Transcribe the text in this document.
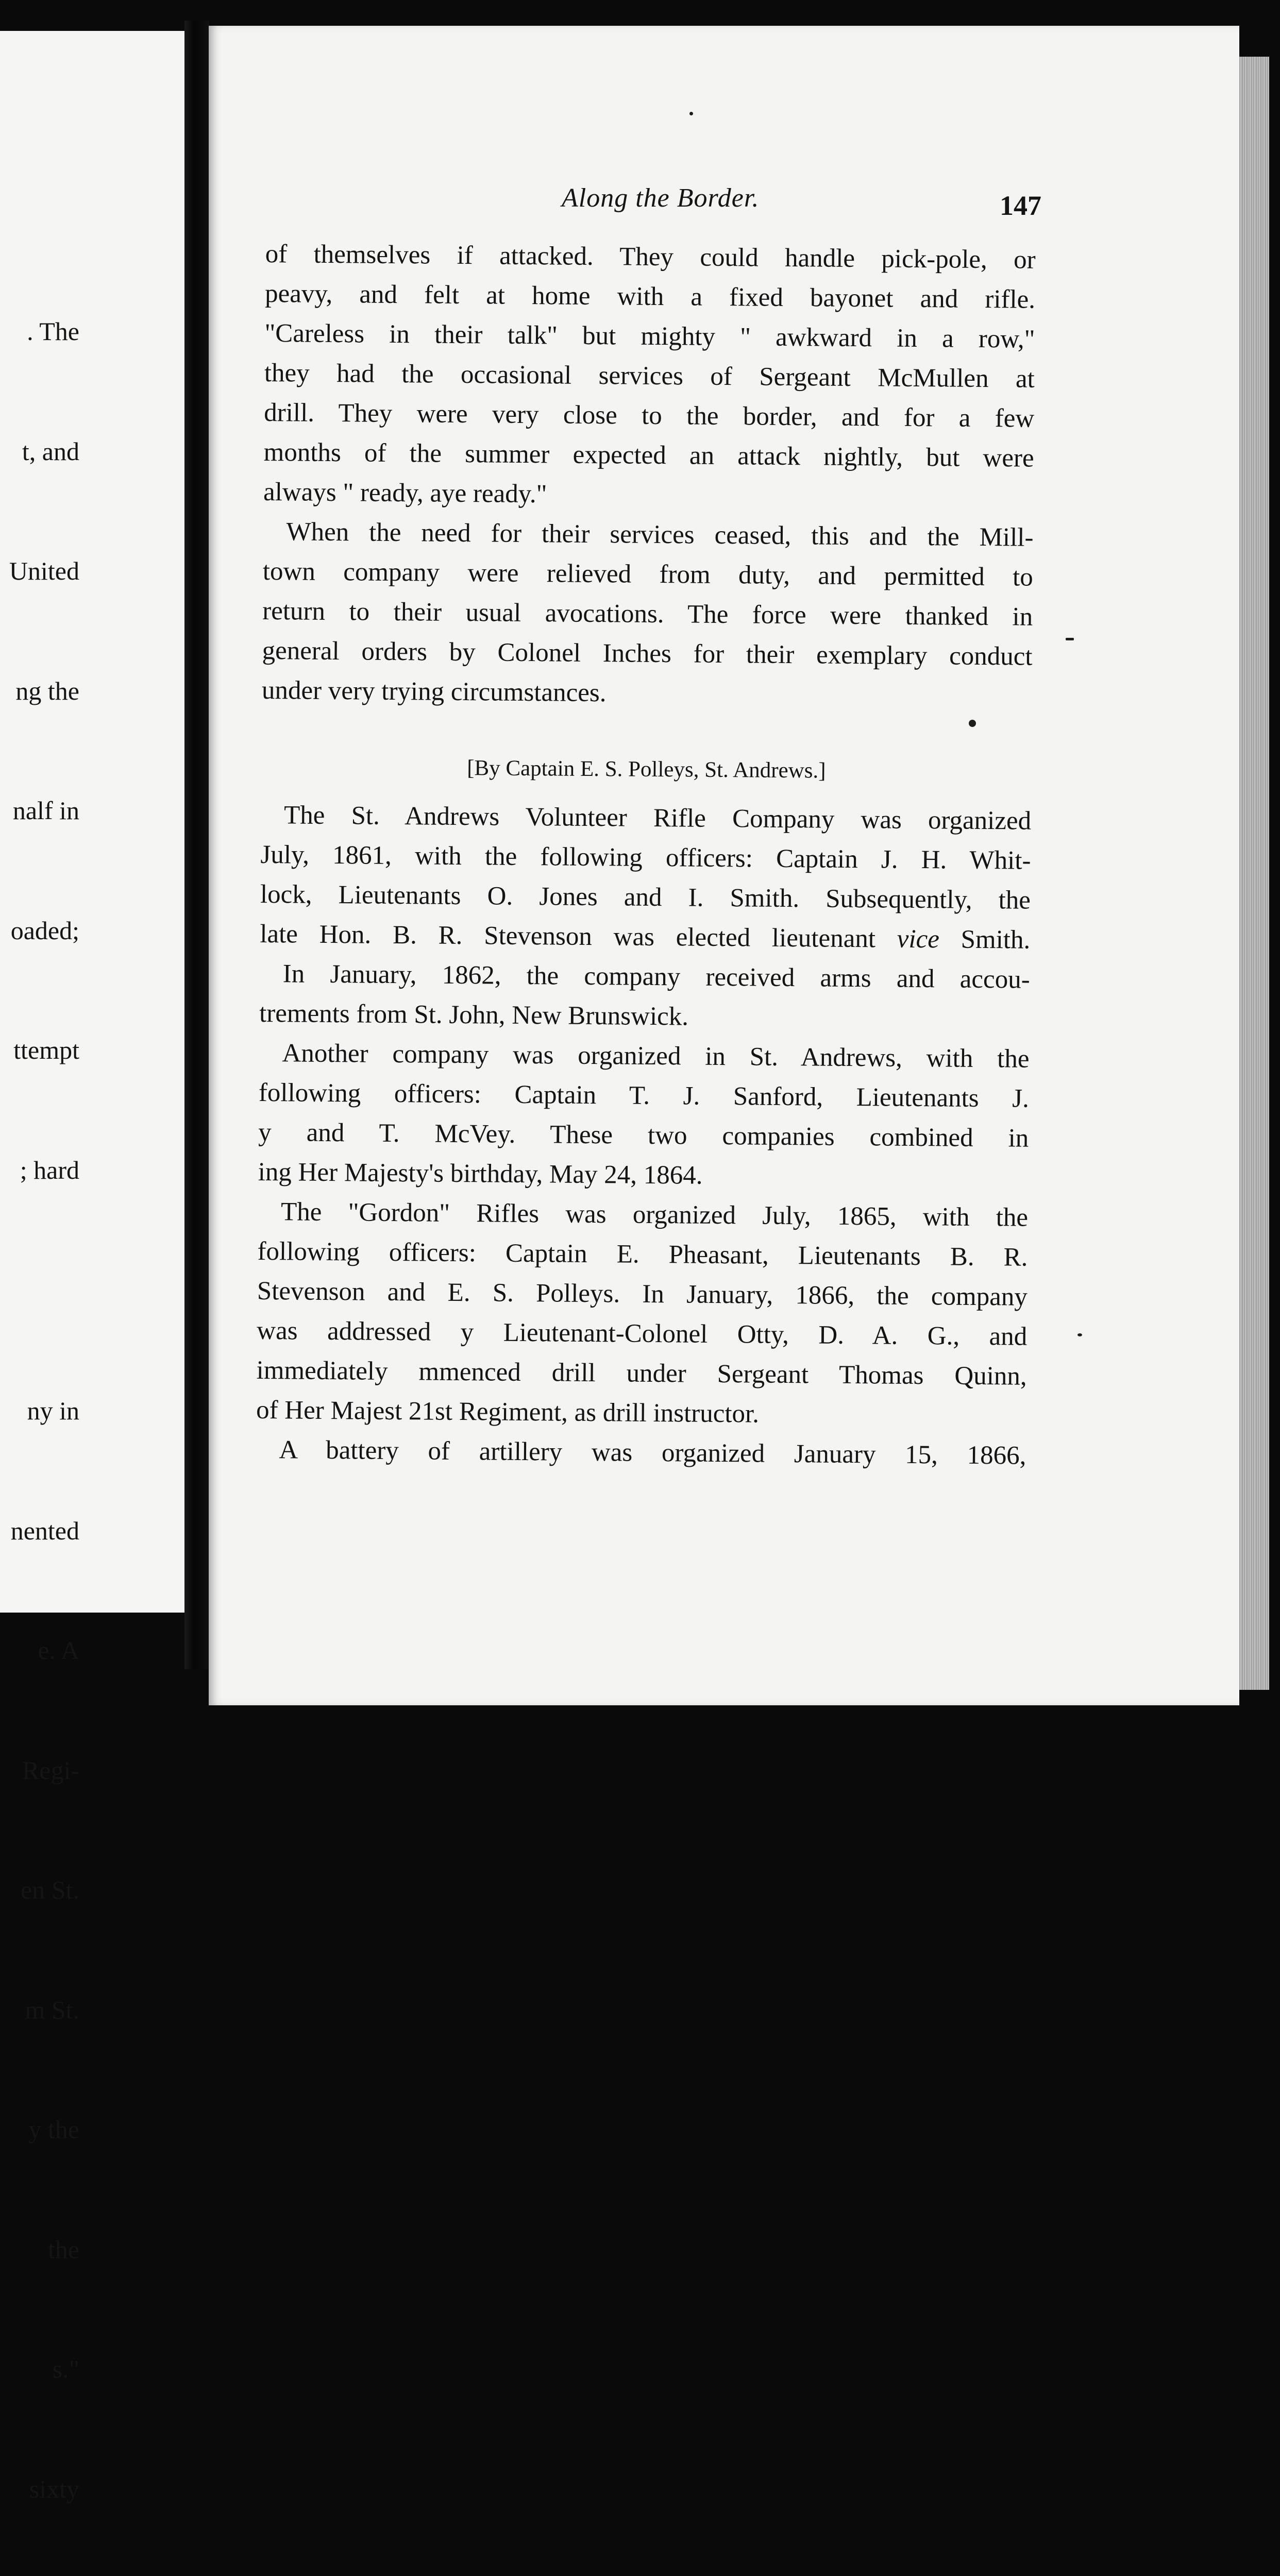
. The

t, and

United

ng the

nalf in

oaded;

ttempt

; hard

ny in

nented

e. A

Regi-

en St.

m St.

y the

the

s."

sixty

Along the Border.	147
of themselves if attacked. They could handle pick-pole, or
peavy, and felt at home with a fixed bayonet and rifle.
"Careless in their talk" but mighty " awkward in a row,"
they had the occasional services of Sergeant McMullen at
drill. They were very close to the border, and for a few
months of the summer expected an attack nightly, but were
always " ready, aye ready."
When the need for their services ceased, this and the Mill-
town company were relieved from duty, and permitted to
return to their usual avocations. The force were thanked in
general orders by Colonel Inches for their exemplary conduct
under very trying circumstances.
[By Captain E. S. Polleys, St. Andrews.]
The St. Andrews Volunteer Rifle Company was organized
July, 1861, with the following officers: Captain J. H. Whit-
lock, Lieutenants O. Jones and I. Smith. Subsequently, the
late Hon. B. R. Stevenson was elected lieutenant vice Smith.
In January, 1862, the company received arms and accou-
trements from St. John, New Brunswick.
Another company was organized in St. Andrews, with the
following officers: Captain T. J. Sanford, Lieutenants J.
y and T. McVey. These two companies combined in
ing Her Majesty's birthday, May 24, 1864.
The "Gordon" Rifles was organized July, 1865, with the
following officers: Captain E. Pheasant, Lieutenants B. R.
Stevenson and E. S. Polleys. In January, 1866, the company
was addressed y Lieutenant-Colonel Otty, D. A. G., and
immediately mmenced drill under Sergeant Thomas Quinn,
of Her Majest 21st Regiment, as drill instructor.
A battery of artillery was organized January 15, 1866,
